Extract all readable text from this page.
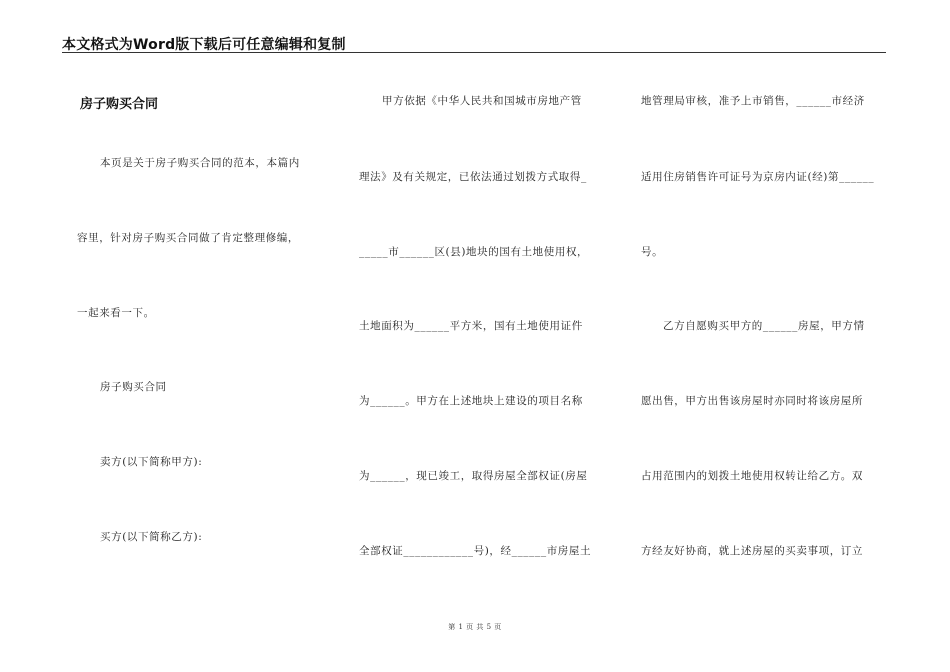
本文格式为Word版下载后可任意编辑和复制
房子购买合同
本页是关于房子购买合同的范本，本篇内
容里，针对房子购买合同做了肯定整理修编，
一起来看一下。
房子购买合同
卖方(以下简称甲方):
买方(以下简称乙方):
甲方依据《中华人民共和国城市房地产管
理法》及有关规定，已依法通过划拨方式取得_
_____市______区(县)地块的国有土地使用权，
土地面积为______平方米，国有土地使用证件
为______。甲方在上述地块上建设的项目名称
为______，现已竣工，取得房屋全部权证(房屋
全部权证____________号)，经______市房屋土
地管理局审核，准予上市销售，______市经济
适用住房销售许可证号为京房内证(经)第______
号。
乙方自愿购买甲方的______房屋，甲方情
愿出售，甲方出售该房屋时亦同时将该房屋所
占用范围内的划拨土地使用权转让给乙方。双
方经友好协商，就上述房屋的买卖事项，订立
第 1 页 共 5 页
